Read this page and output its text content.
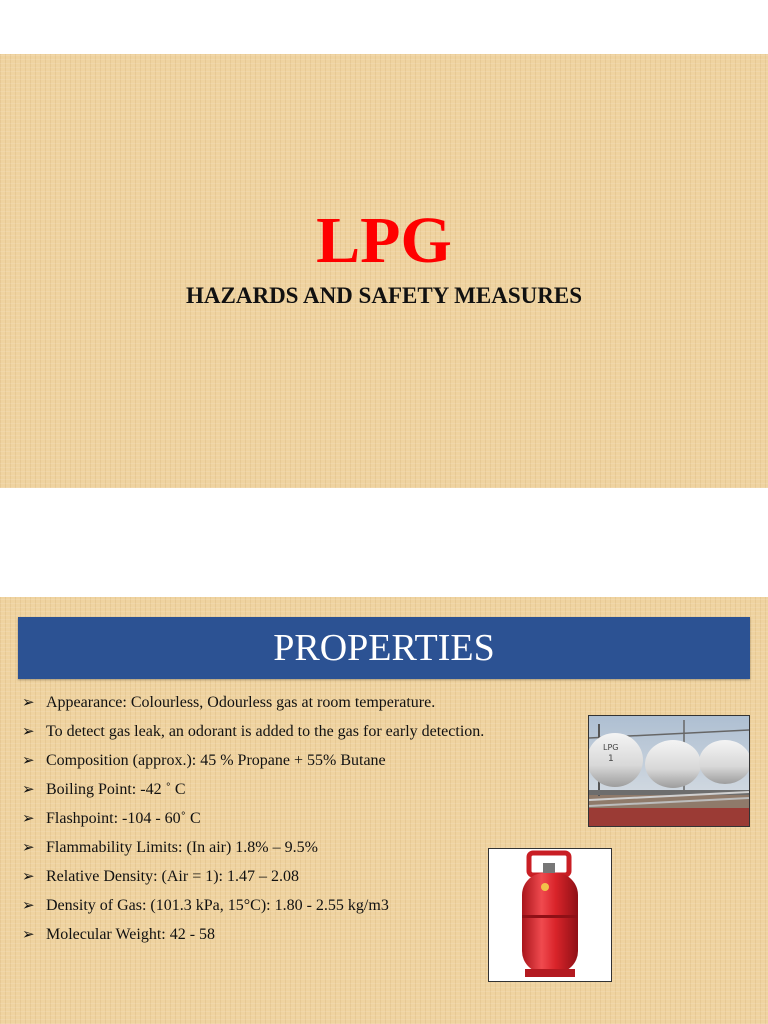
LPG
HAZARDS AND SAFETY MEASURES
PROPERTIES
➢ Appearance: Colourless, Odourless gas at room temperature.
➢ To detect gas leak, an odorant is added to the gas for early detection.
➢ Composition (approx.): 45 % Propane + 55% Butane
➢ Boiling Point: -42 ˚ C
➢ Flashpoint: -104 - 60˚ C
➢ Flammability Limits: (In air) 1.8% – 9.5%
➢ Relative Density: (Air = 1): 1.47 – 2.08
➢ Density of Gas: (101.3 kPa, 15°C): 1.80 - 2.55 kg/m3
➢ Molecular Weight: 42 - 58
LPG
1
